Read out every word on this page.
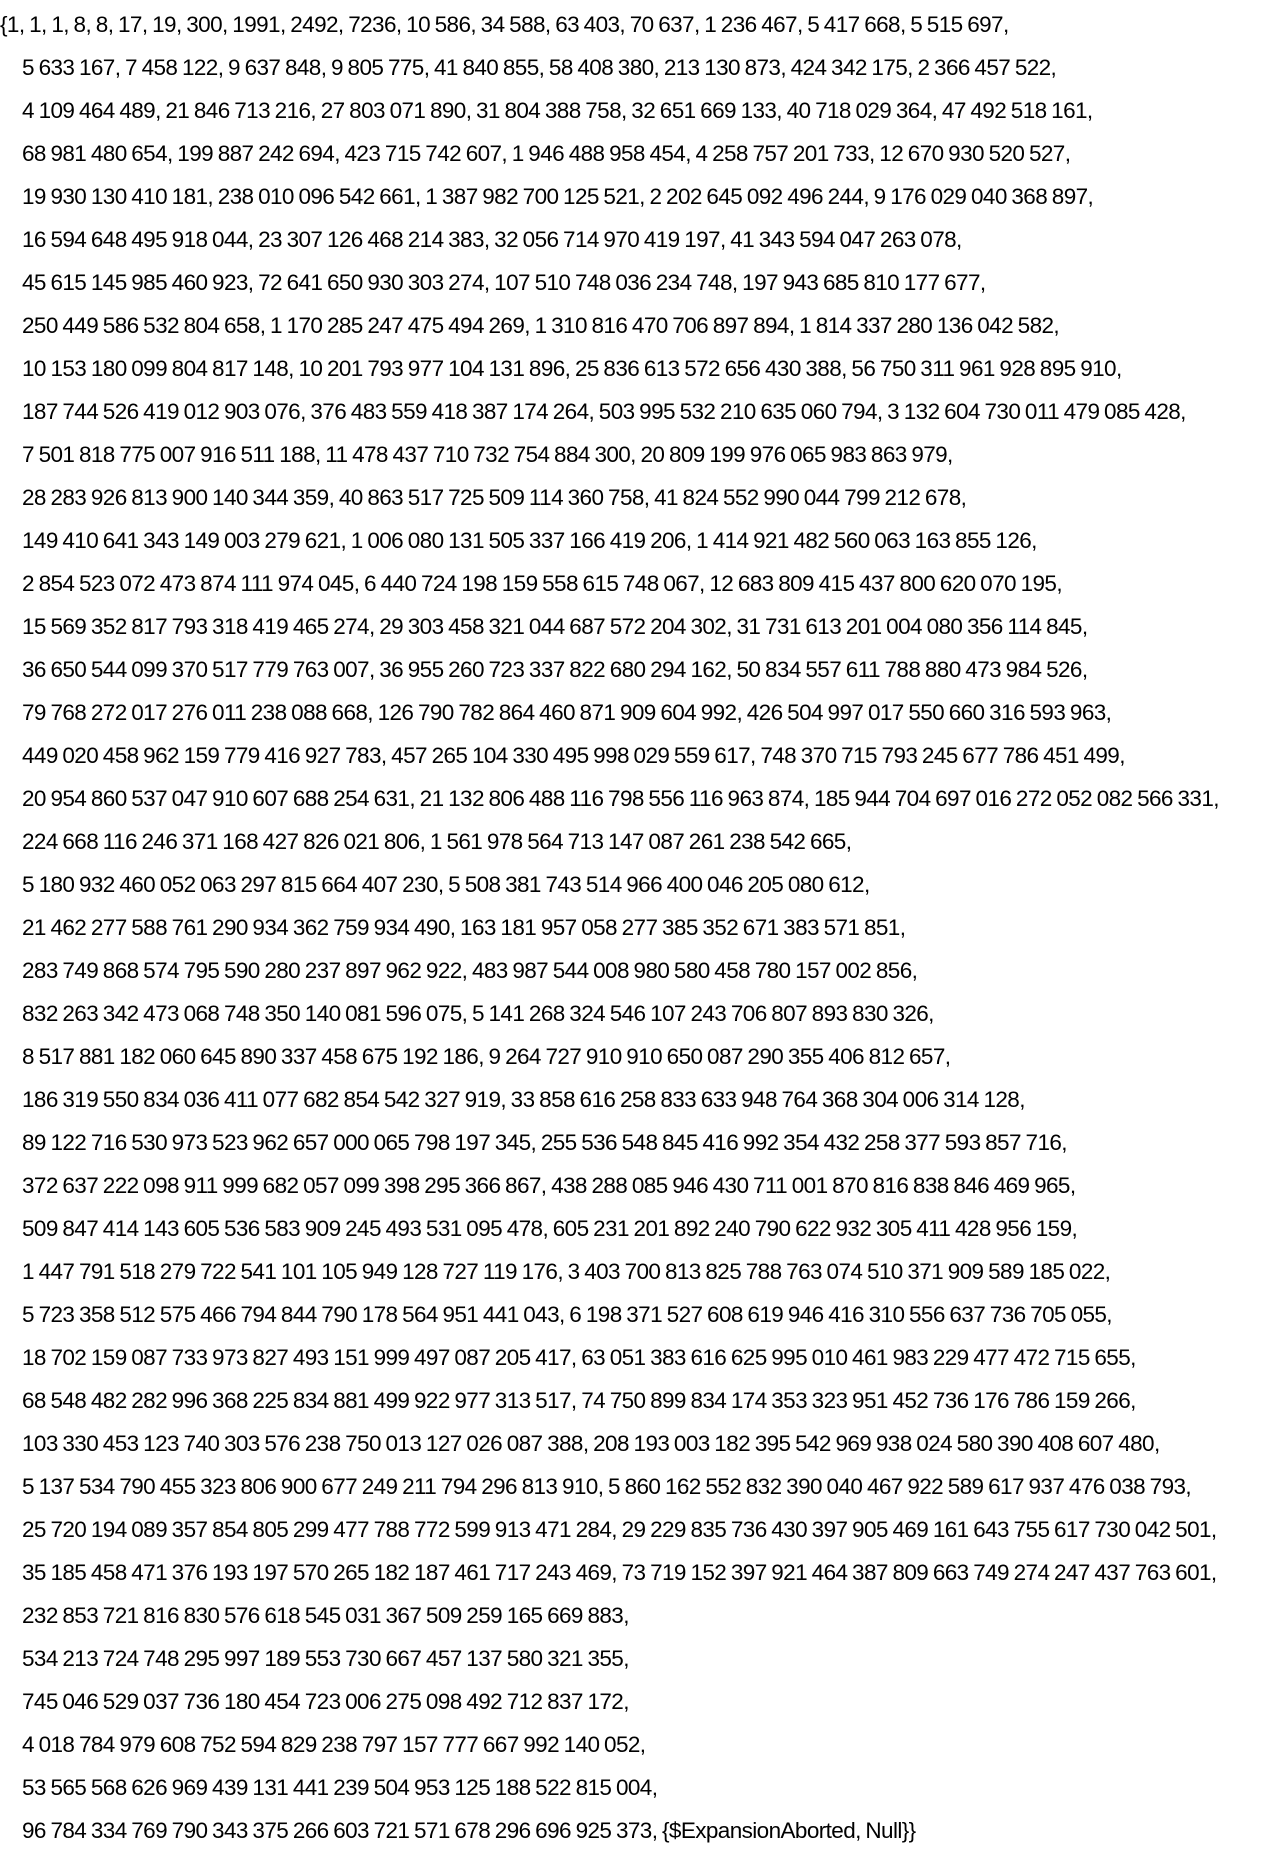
{1, 1, 1, 8, 8, 17, 19, 300, 1991, 2492, 7236, 10 586, 34 588, 63 403, 70 637, 1 236 467, 5 417 668, 5 515 697,
5 633 167, 7 458 122, 9 637 848, 9 805 775, 41 840 855, 58 408 380, 213 130 873, 424 342 175, 2 366 457 522,
4 109 464 489, 21 846 713 216, 27 803 071 890, 31 804 388 758, 32 651 669 133, 40 718 029 364, 47 492 518 161,
68 981 480 654, 199 887 242 694, 423 715 742 607, 1 946 488 958 454, 4 258 757 201 733, 12 670 930 520 527,
19 930 130 410 181, 238 010 096 542 661, 1 387 982 700 125 521, 2 202 645 092 496 244, 9 176 029 040 368 897,
16 594 648 495 918 044, 23 307 126 468 214 383, 32 056 714 970 419 197, 41 343 594 047 263 078,
45 615 145 985 460 923, 72 641 650 930 303 274, 107 510 748 036 234 748, 197 943 685 810 177 677,
250 449 586 532 804 658, 1 170 285 247 475 494 269, 1 310 816 470 706 897 894, 1 814 337 280 136 042 582,
10 153 180 099 804 817 148, 10 201 793 977 104 131 896, 25 836 613 572 656 430 388, 56 750 311 961 928 895 910,
187 744 526 419 012 903 076, 376 483 559 418 387 174 264, 503 995 532 210 635 060 794, 3 132 604 730 011 479 085 428,
7 501 818 775 007 916 511 188, 11 478 437 710 732 754 884 300, 20 809 199 976 065 983 863 979,
28 283 926 813 900 140 344 359, 40 863 517 725 509 114 360 758, 41 824 552 990 044 799 212 678,
149 410 641 343 149 003 279 621, 1 006 080 131 505 337 166 419 206, 1 414 921 482 560 063 163 855 126,
2 854 523 072 473 874 111 974 045, 6 440 724 198 159 558 615 748 067, 12 683 809 415 437 800 620 070 195,
15 569 352 817 793 318 419 465 274, 29 303 458 321 044 687 572 204 302, 31 731 613 201 004 080 356 114 845,
36 650 544 099 370 517 779 763 007, 36 955 260 723 337 822 680 294 162, 50 834 557 611 788 880 473 984 526,
79 768 272 017 276 011 238 088 668, 126 790 782 864 460 871 909 604 992, 426 504 997 017 550 660 316 593 963,
449 020 458 962 159 779 416 927 783, 457 265 104 330 495 998 029 559 617, 748 370 715 793 245 677 786 451 499,
20 954 860 537 047 910 607 688 254 631, 21 132 806 488 116 798 556 116 963 874, 185 944 704 697 016 272 052 082 566 331,
224 668 116 246 371 168 427 826 021 806, 1 561 978 564 713 147 087 261 238 542 665,
5 180 932 460 052 063 297 815 664 407 230, 5 508 381 743 514 966 400 046 205 080 612,
21 462 277 588 761 290 934 362 759 934 490, 163 181 957 058 277 385 352 671 383 571 851,
283 749 868 574 795 590 280 237 897 962 922, 483 987 544 008 980 580 458 780 157 002 856,
832 263 342 473 068 748 350 140 081 596 075, 5 141 268 324 546 107 243 706 807 893 830 326,
8 517 881 182 060 645 890 337 458 675 192 186, 9 264 727 910 910 650 087 290 355 406 812 657,
186 319 550 834 036 411 077 682 854 542 327 919, 33 858 616 258 833 633 948 764 368 304 006 314 128,
89 122 716 530 973 523 962 657 000 065 798 197 345, 255 536 548 845 416 992 354 432 258 377 593 857 716,
372 637 222 098 911 999 682 057 099 398 295 366 867, 438 288 085 946 430 711 001 870 816 838 846 469 965,
509 847 414 143 605 536 583 909 245 493 531 095 478, 605 231 201 892 240 790 622 932 305 411 428 956 159,
1 447 791 518 279 722 541 101 105 949 128 727 119 176, 3 403 700 813 825 788 763 074 510 371 909 589 185 022,
5 723 358 512 575 466 794 844 790 178 564 951 441 043, 6 198 371 527 608 619 946 416 310 556 637 736 705 055,
18 702 159 087 733 973 827 493 151 999 497 087 205 417, 63 051 383 616 625 995 010 461 983 229 477 472 715 655,
68 548 482 282 996 368 225 834 881 499 922 977 313 517, 74 750 899 834 174 353 323 951 452 736 176 786 159 266,
103 330 453 123 740 303 576 238 750 013 127 026 087 388, 208 193 003 182 395 542 969 938 024 580 390 408 607 480,
5 137 534 790 455 323 806 900 677 249 211 794 296 813 910, 5 860 162 552 832 390 040 467 922 589 617 937 476 038 793,
25 720 194 089 357 854 805 299 477 788 772 599 913 471 284, 29 229 835 736 430 397 905 469 161 643 755 617 730 042 501,
35 185 458 471 376 193 197 570 265 182 187 461 717 243 469, 73 719 152 397 921 464 387 809 663 749 274 247 437 763 601,
232 853 721 816 830 576 618 545 031 367 509 259 165 669 883,
534 213 724 748 295 997 189 553 730 667 457 137 580 321 355,
745 046 529 037 736 180 454 723 006 275 098 492 712 837 172,
4 018 784 979 608 752 594 829 238 797 157 777 667 992 140 052,
53 565 568 626 969 439 131 441 239 504 953 125 188 522 815 004,
96 784 334 769 790 343 375 266 603 721 571 678 296 696 925 373, {$ExpansionAborted, Null}}
